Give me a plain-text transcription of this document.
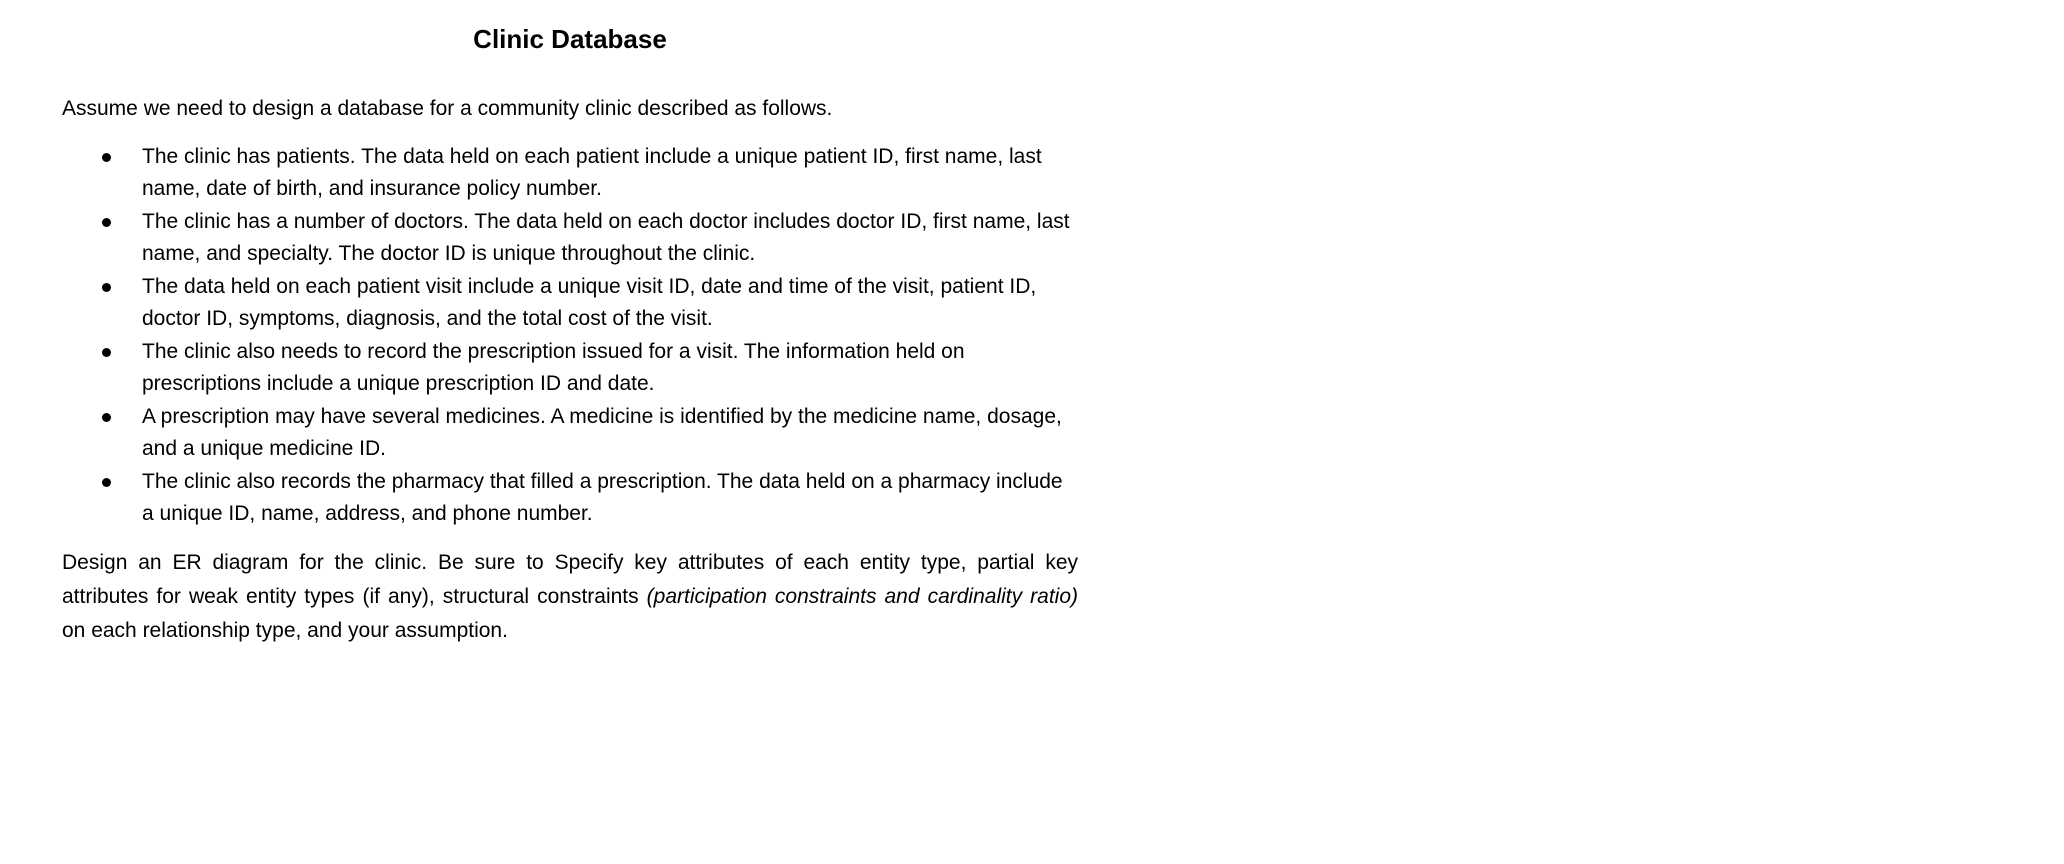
Clinic Database

Assume we need to design a database for a community clinic described as follows.

The clinic has patients. The data held on each patient include a unique patient ID, first name, last name, date of birth, and insurance policy number.
The clinic has a number of doctors. The data held on each doctor includes doctor ID, first name, last name, and specialty. The doctor ID is unique throughout the clinic.
The data held on each patient visit include a unique visit ID, date and time of the visit, patient ID, doctor ID, symptoms, diagnosis, and the total cost of the visit.
The clinic also needs to record the prescription issued for a visit. The information held on prescriptions include a unique prescription ID and date.
A prescription may have several medicines. A medicine is identified by the medicine name, dosage, and a unique medicine ID.
The clinic also records the pharmacy that filled a prescription. The data held on a pharmacy include a unique ID, name, address, and phone number.

Design an ER diagram for the clinic. Be sure to Specify key attributes of each entity type, partial key attributes for weak entity types (if any), structural constraints (participation constraints and cardinality ratio) on each relationship type, and your assumption.
